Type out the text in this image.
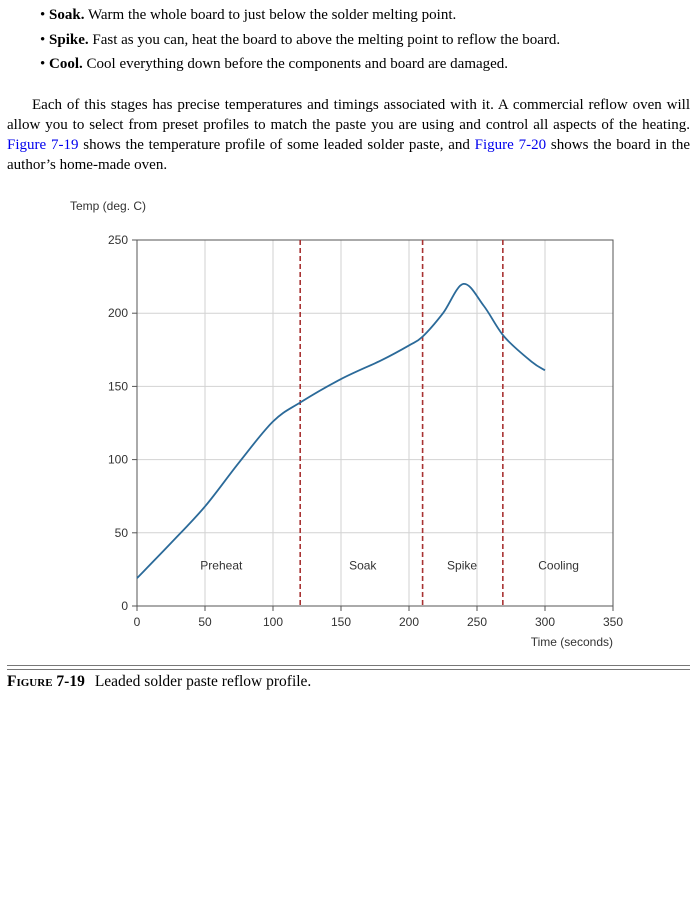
• Soak. Warm the whole board to just below the solder melting point.
• Spike. Fast as you can, heat the board to above the melting point to reflow the board.
• Cool. Cool everything down before the components and board are damaged.
Each of this stages has precise temperatures and timings associated with it. A commercial reflow oven will allow you to select from preset profiles to match the paste you are using and control all aspects of the heating. Figure 7-19 shows the temperature profile of some leaded solder paste, and Figure 7-20 shows the board in the author’s home-made oven.
0
50
100
150
200
250
0	50	100	150	200	250	300	350
Temp (deg. C)
Time (seconds)
Preheat	Soak	Spike	Cooling
Figure 7-19 Leaded solder paste reflow profile.
